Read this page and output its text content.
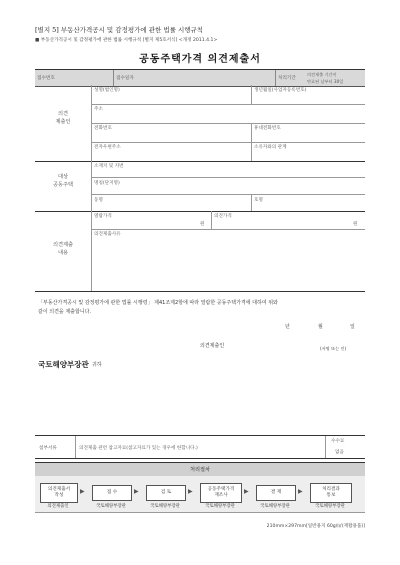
[별지 5] 부동산가격공시 및 감정평가에 관한 법률 시행규칙
■ 부동산가격공시 및 감정평가에 관한 법률 시행규칙 [별지 제5호서식] <개정 2011.4.1>
공동주택가격 의견제출서
접수번호	접수일자	처리기간
의견제출 기간이
만료된 날부터 30일
의견
제출인
성명(법인명)	생년월일(사업자등록번호)
주소
전화번호	휴대전화번호
전자우편주소	소유자와의 관계
대상
공동주택
소재지 및 지번
명칭(단지명)
동명	호명
의견제출
내용
열람가격
원
의견가격
원
의견제출사유
「부동산가격공시 및 감정평가에 관한 법률 시행령」 제41조제2항에 따라 열람한 공동주택가격에 대하여 위와
같이 의견을 제출합니다.
년	월	일
의견제출인	(서명 또는 인)
국토해양부장관 귀하
첨부서류	의견제출 관련 참고자료(참고자료가 있는 경우에 한합니다.)
수수료
없음
처리절차
의견제출서
작성
▶	접 수	▶	검 토	▶	공동주택가격
재조사
▶	결 재	▶	처리결과
통보
의견제출인	국토해양부장관	국토해양부장관	국토해양부장관	국토해양부장관	국토해양부장관
210mm×297mm[일반용지 60g/㎡(재활용품)]
